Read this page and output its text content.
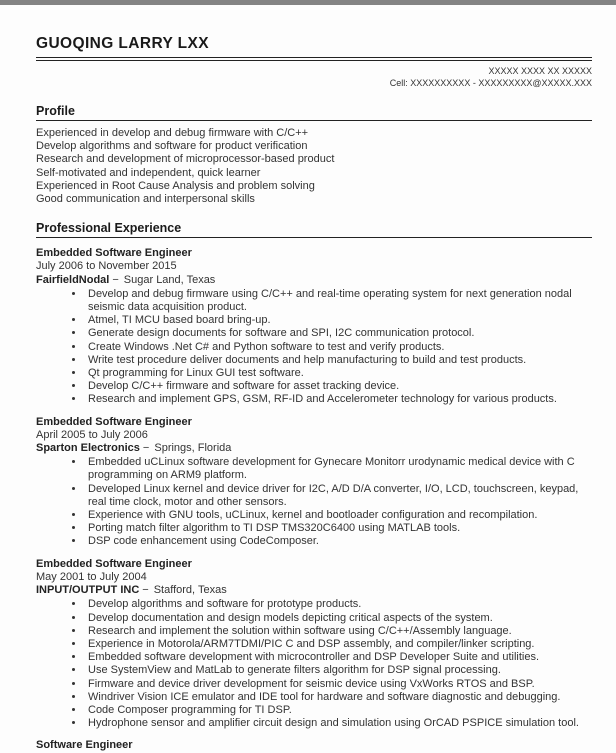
GUOQING LARRY LXX
XXXXX XXXX XX XXXXX
Cell: XXXXXXXXXX - XXXXXXXXX@XXXXX.XXX
Profile
Experienced in develop and debug firmware with C/C++
Develop algorithms and software for product verification
Research and development of microprocessor-based product
Self-motivated and independent, quick learner
Experienced in Root Cause Analysis and problem solving
Good communication and interpersonal skills
Professional Experience
Embedded Software Engineer
July 2006 to November 2015
FairfieldNodal − Sugar Land, Texas
• Develop and debug firmware using C/C++ and real-time operating system for next generation nodal seismic data acquisition product.
• Atmel, TI MCU based board bring-up.
• Generate design documents for software and SPI, I2C communication protocol.
• Create Windows .Net C# and Python software to test and verify products.
• Write test procedure deliver documents and help manufacturing to build and test products.
• Qt programming for Linux GUI test software.
• Develop C/C++ firmware and software for asset tracking device.
• Research and implement GPS, GSM, RF-ID and Accelerometer technology for various products.
Embedded Software Engineer
April 2005 to July 2006
Sparton Electronics − Springs, Florida
• Embedded uCLinux software development for Gynecare Monitorr urodynamic medical device with C programming on ARM9 platform.
• Developed Linux kernel and device driver for I2C, A/D D/A converter, I/O, LCD, touchscreen, keypad, real time clock, motor and other sensors.
• Experience with GNU tools, uCLinux, kernel and bootloader configuration and recompilation.
• Porting match filter algorithm to TI DSP TMS320C6400 using MATLAB tools.
• DSP code enhancement using CodeComposer.
Embedded Software Engineer
May 2001 to July 2004
INPUT/OUTPUT INC − Stafford, Texas
• Develop algorithms and software for prototype products.
• Develop documentation and design models depicting critical aspects of the system.
• Research and implement the solution within software using C/C++/Assembly language.
• Experience in Motorola/ARM7TDMI/PIC C and DSP assembly, and compiler/linker scripting.
• Embedded software development with microcontroller and DSP Developer Suite and utilities.
• Use SystemView and MatLab to generate filters algorithm for DSP signal processing.
• Firmware and device driver development for seismic device using VxWorks RTOS and BSP.
• Windriver Vision ICE emulator and IDE tool for hardware and software diagnostic and debugging.
• Code Composer programming for TI DSP.
• Hydrophone sensor and amplifier circuit design and simulation using OrCAD PSPICE simulation tool.
Software Engineer
